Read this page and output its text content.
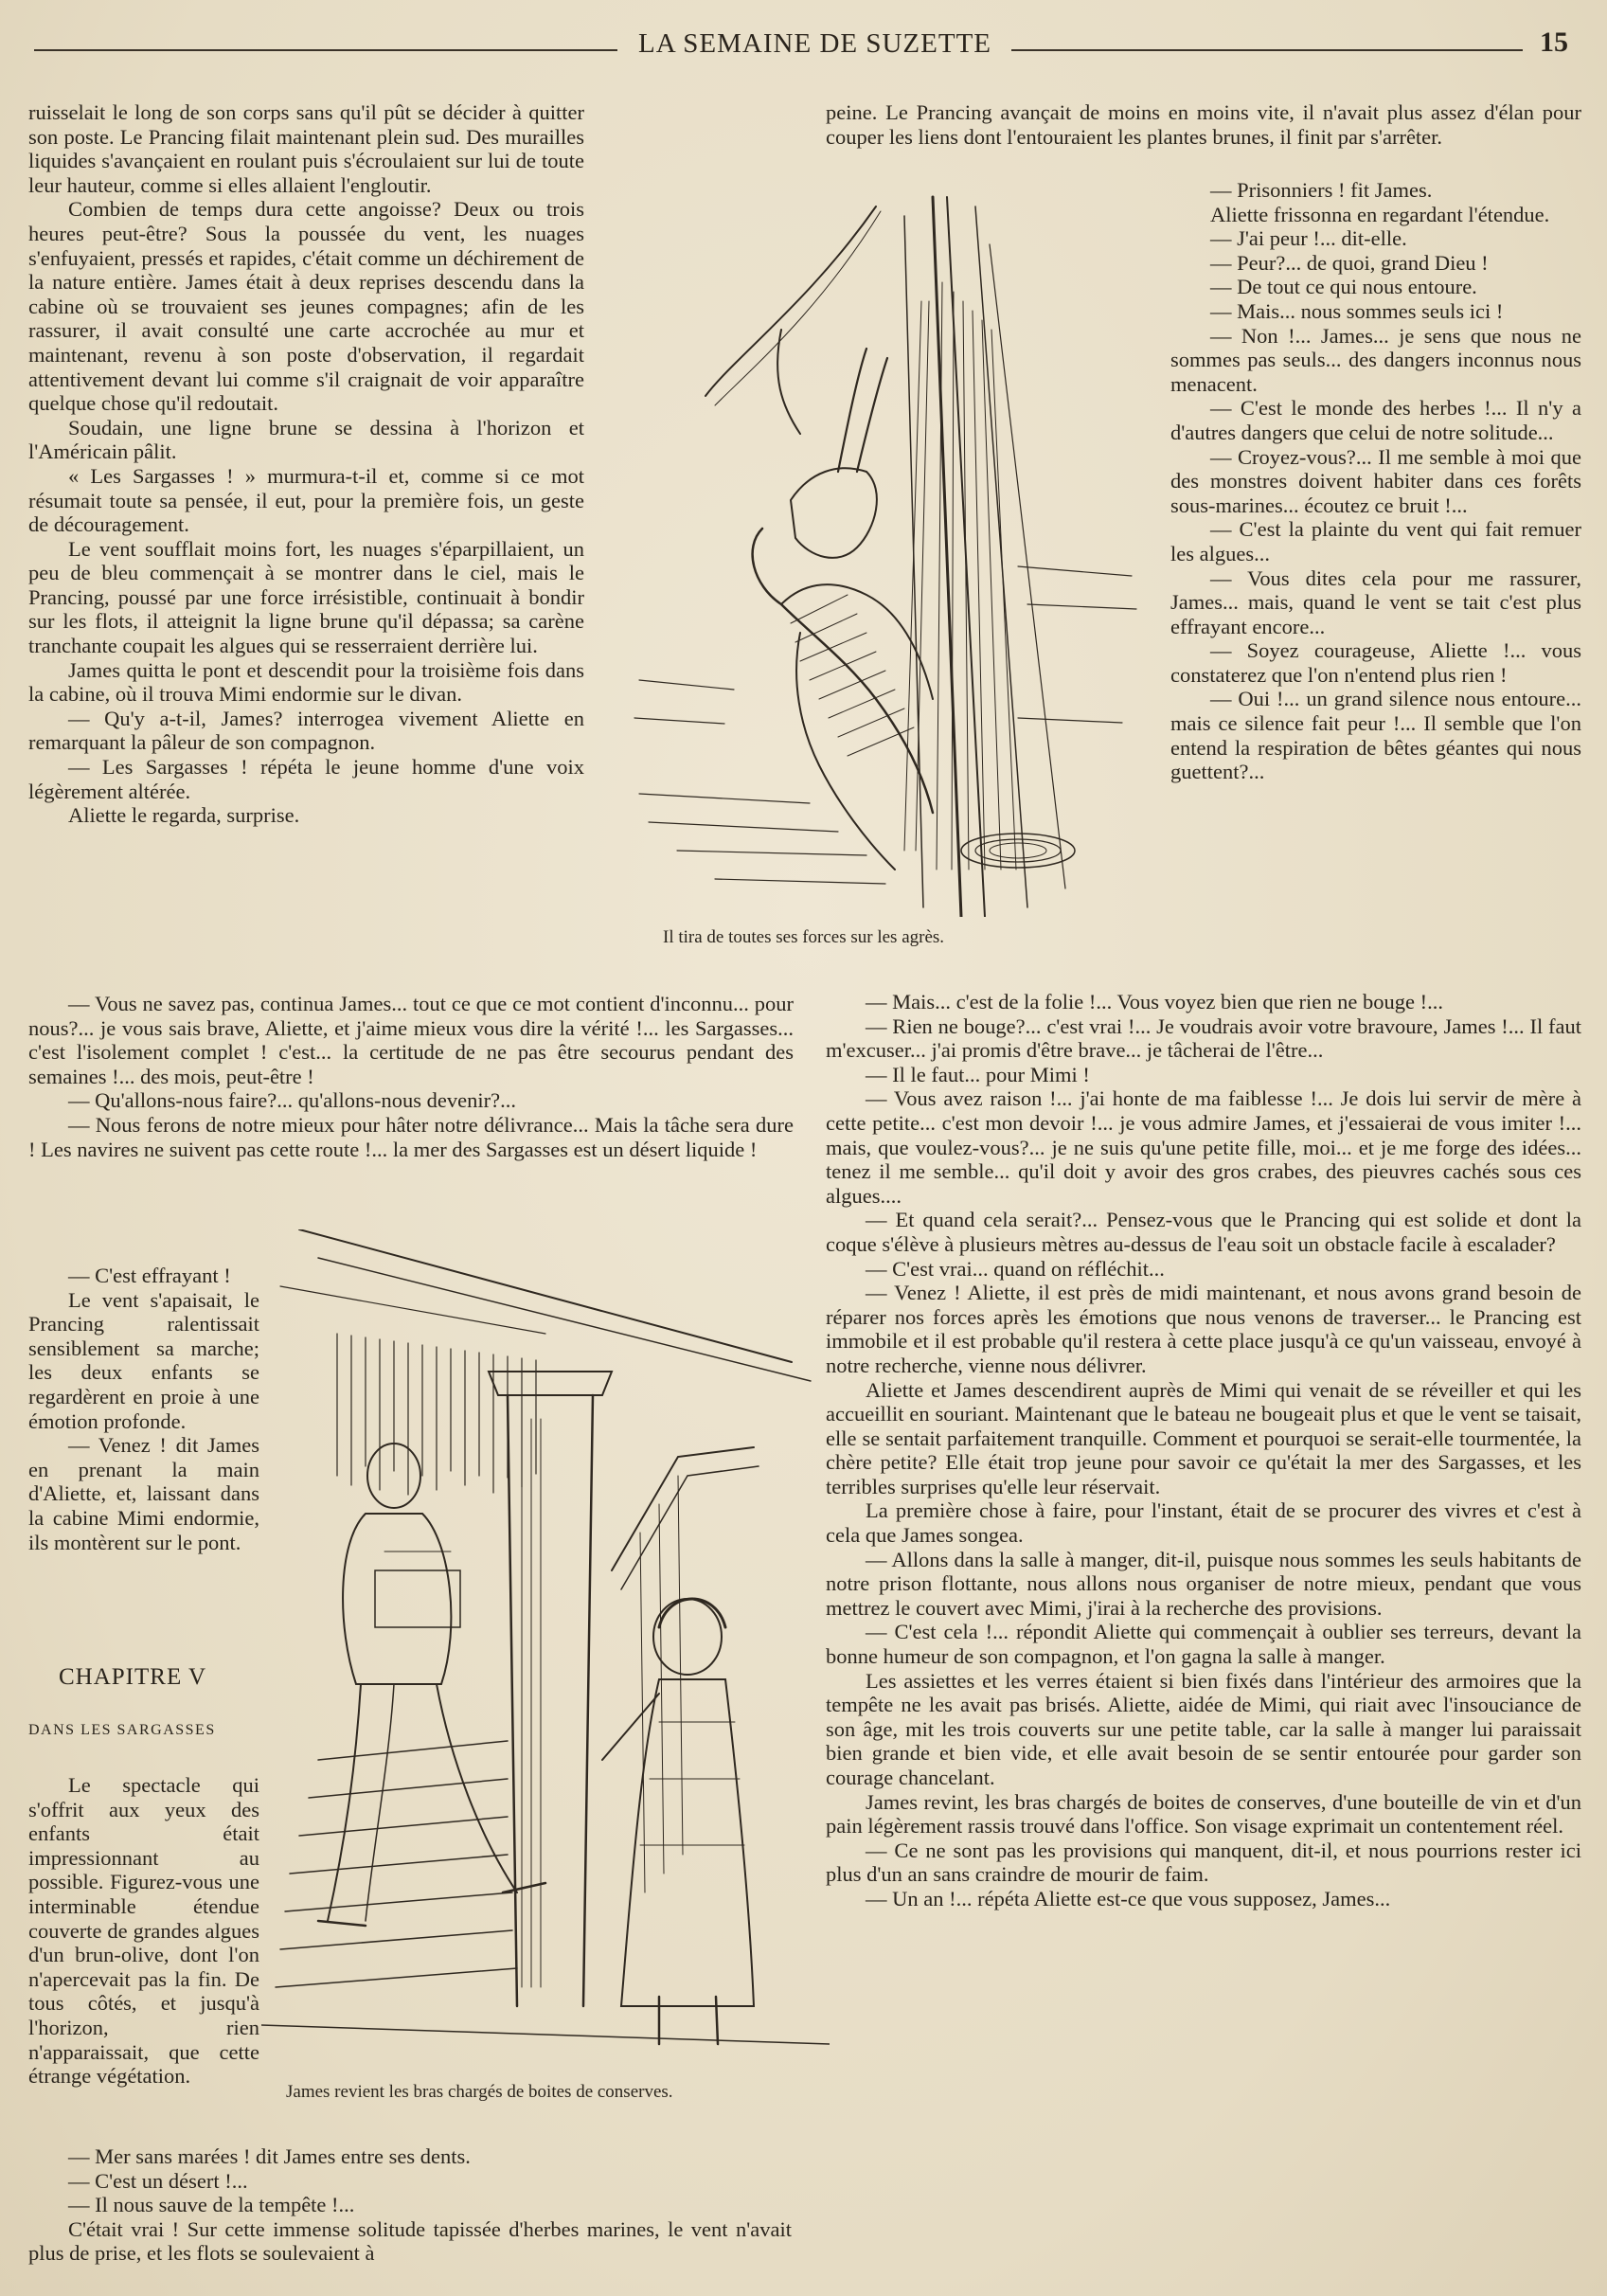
LA SEMAINE DE SUZETTE	15

ruisselait le long de son corps sans qu'il pût se décider à quitter son poste. Le Prancing filait maintenant plein sud. Des murailles liquides s'avançaient en roulant puis s'écroulaient sur lui de toute leur hauteur, comme si elles allaient l'engloutir.

Combien de temps dura cette angoisse? Deux ou trois heures peut-être? Sous la poussée du vent, les nuages s'enfuyaient, pressés et rapides, c'était comme un déchirement de la nature entière. James était à deux reprises descendu dans la cabine où se trouvaient ses jeunes compagnes; afin de les rassurer, il avait consulté une carte accrochée au mur et maintenant, revenu à son poste d'observation, il regardait attentivement devant lui comme s'il craignait de voir apparaître quelque chose qu'il redoutait.

Soudain, une ligne brune se dessina à l'horizon et l'Américain pâlit.

« Les Sargasses ! » murmura-t-il et, comme si ce mot résumait toute sa pensée, il eut, pour la première fois, un geste de découragement.

Le vent soufflait moins fort, les nuages s'éparpillaient, un peu de bleu commençait à se montrer dans le ciel, mais le Prancing, poussé par une force irrésistible, continuait à bondir sur les flots, il atteignit la ligne brune qu'il dépassa; sa carène tranchante coupait les algues qui se resserraient derrière lui.

James quitta le pont et descendit pour la troisième fois dans la cabine, où il trouva Mimi endormie sur le divan.

— Qu'y a-t-il, James? interrogea vivement Aliette en remarquant la pâleur de son compagnon.

— Les Sargasses ! répéta le jeune homme d'une voix légèrement altérée.

Aliette le regarda, surprise.

— Vous ne savez pas, continua James... tout ce que ce mot contient d'inconnu... pour nous?... je vous sais brave, Aliette, et j'aime mieux vous dire la vérité !... les Sargasses... c'est l'isolement complet ! c'est... la certitude de ne pas être secourus pendant des semaines !... des mois, peut-être !

— Qu'allons-nous faire?... qu'allons-nous devenir?...

— Nous ferons de notre mieux pour hâter notre délivrance... Mais la tâche sera dure ! Les navires ne suivent pas cette route !... la mer des Sargasses est un désert liquide !

— C'est effrayant !

Le vent s'apaisait, le Prancing ralentissait sensiblement sa marche; les deux enfants se regardèrent en proie à une émotion profonde.

— Venez ! dit James en prenant la main d'Aliette, et, laissant dans la cabine Mimi endormie, ils montèrent sur le pont.

CHAPITRE V
DANS LES SARGASSES

Le spectacle qui s'offrit aux yeux des enfants était impressionnant au possible. Figurez-vous une interminable étendue couverte de grandes algues d'un brun-olive, dont l'on n'apercevait pas la fin. De tous côtés, et jusqu'à l'horizon, rien n'apparaissait, que cette étrange végétation.

— Mer sans marées ! dit James entre ses dents.

— C'est un désert !...

— Il nous sauve de la tempête !...

C'était vrai ! Sur cette immense solitude tapissée d'herbes marines, le vent n'avait plus de prise, et les flots se soulevaient à

peine. Le Prancing avançait de moins en moins vite, il n'avait plus assez d'élan pour couper les liens dont l'entouraient les plantes brunes, il finit par s'arrêter.

— Prisonniers ! fit James.

Aliette frissonna en regardant l'étendue.

— J'ai peur !... dit-elle.

— Peur?... de quoi, grand Dieu !

— De tout ce qui nous entoure.

— Mais... nous sommes seuls ici !

— Non !... James... je sens que nous ne sommes pas seuls... des dangers inconnus nous menacent.

— C'est le monde des herbes !... Il n'y a d'autres dangers que celui de notre solitude...

— Croyez-vous?... Il me semble à moi que des monstres doivent habiter dans ces forêts sous-marines... écoutez ce bruit !...

— C'est la plainte du vent qui fait remuer les algues...

— Vous dites cela pour me rassurer, James... mais, quand le vent se tait c'est plus effrayant encore...

— Soyez courageuse, Aliette !... vous constaterez que l'on n'entend plus rien !

— Oui !... un grand silence nous entoure... mais ce silence fait peur !... Il semble que l'on entend la respiration de bêtes géantes qui nous guettent?...

— Mais... c'est de la folie !... Vous voyez bien que rien ne bouge !...

— Rien ne bouge?... c'est vrai !... Je voudrais avoir votre bravoure, James !... Il faut m'excuser... j'ai promis d'être brave... je tâcherai de l'être...

— Il le faut... pour Mimi !

— Vous avez raison !... j'ai honte de ma faiblesse !... Je dois lui servir de mère à cette petite... c'est mon devoir !... je vous admire James, et j'essaierai de vous imiter !... mais, que voulez-vous?... je ne suis qu'une petite fille, moi... et je me forge des idées... tenez il me semble... qu'il doit y avoir des gros crabes, des pieuvres cachés sous ces algues....

— Et quand cela serait?... Pensez-vous que le Prancing qui est solide et dont la coque s'élève à plusieurs mètres au-dessus de l'eau soit un obstacle facile à escalader?

— C'est vrai... quand on réfléchit...

— Venez ! Aliette, il est près de midi maintenant, et nous avons grand besoin de réparer nos forces après les émotions que nous venons de traverser... le Prancing est immobile et il est probable qu'il restera à cette place jusqu'à ce qu'un vaisseau, envoyé à notre recherche, vienne nous délivrer.

Aliette et James descendirent auprès de Mimi qui venait de se réveiller et qui les accueillit en souriant. Maintenant que le bateau ne bougeait plus et que le vent se taisait, elle se sentait parfaitement tranquille. Comment et pourquoi se serait-elle tourmentée, la chère petite? Elle était trop jeune pour savoir ce qu'était la mer des Sargasses, et les terribles surprises qu'elle leur réservait.

La première chose à faire, pour l'instant, était de se procurer des vivres et c'est à cela que James songea.

— Allons dans la salle à manger, dit-il, puisque nous sommes les seuls habitants de notre prison flottante, nous allons nous organiser de notre mieux, pendant que vous mettrez le couvert avec Mimi, j'irai à la recherche des provisions.

— C'est cela !... répondit Aliette qui commençait à oublier ses terreurs, devant la bonne humeur de son compagnon, et l'on gagna la salle à manger.

Les assiettes et les verres étaient si bien fixés dans l'intérieur des armoires que la tempête ne les avait pas brisés. Aliette, aidée de Mimi, qui riait avec l'insouciance de son âge, mit les trois couverts sur une petite table, car la salle à manger lui paraissait bien grande et bien vide, et elle avait besoin de se sentir entourée pour garder son courage chancelant.

James revint, les bras chargés de boites de conserves, d'une bouteille de vin et d'un pain légèrement rassis trouvé dans l'office. Son visage exprimait un contentement réel.

— Ce ne sont pas les provisions qui manquent, dit-il, et nous pourrions rester ici plus d'un an sans craindre de mourir de faim.

— Un an !... répéta Aliette est-ce que vous supposez, James...

Il tira de toutes ses forces sur les agrès.
James revient les bras chargés de boites de conserves.
